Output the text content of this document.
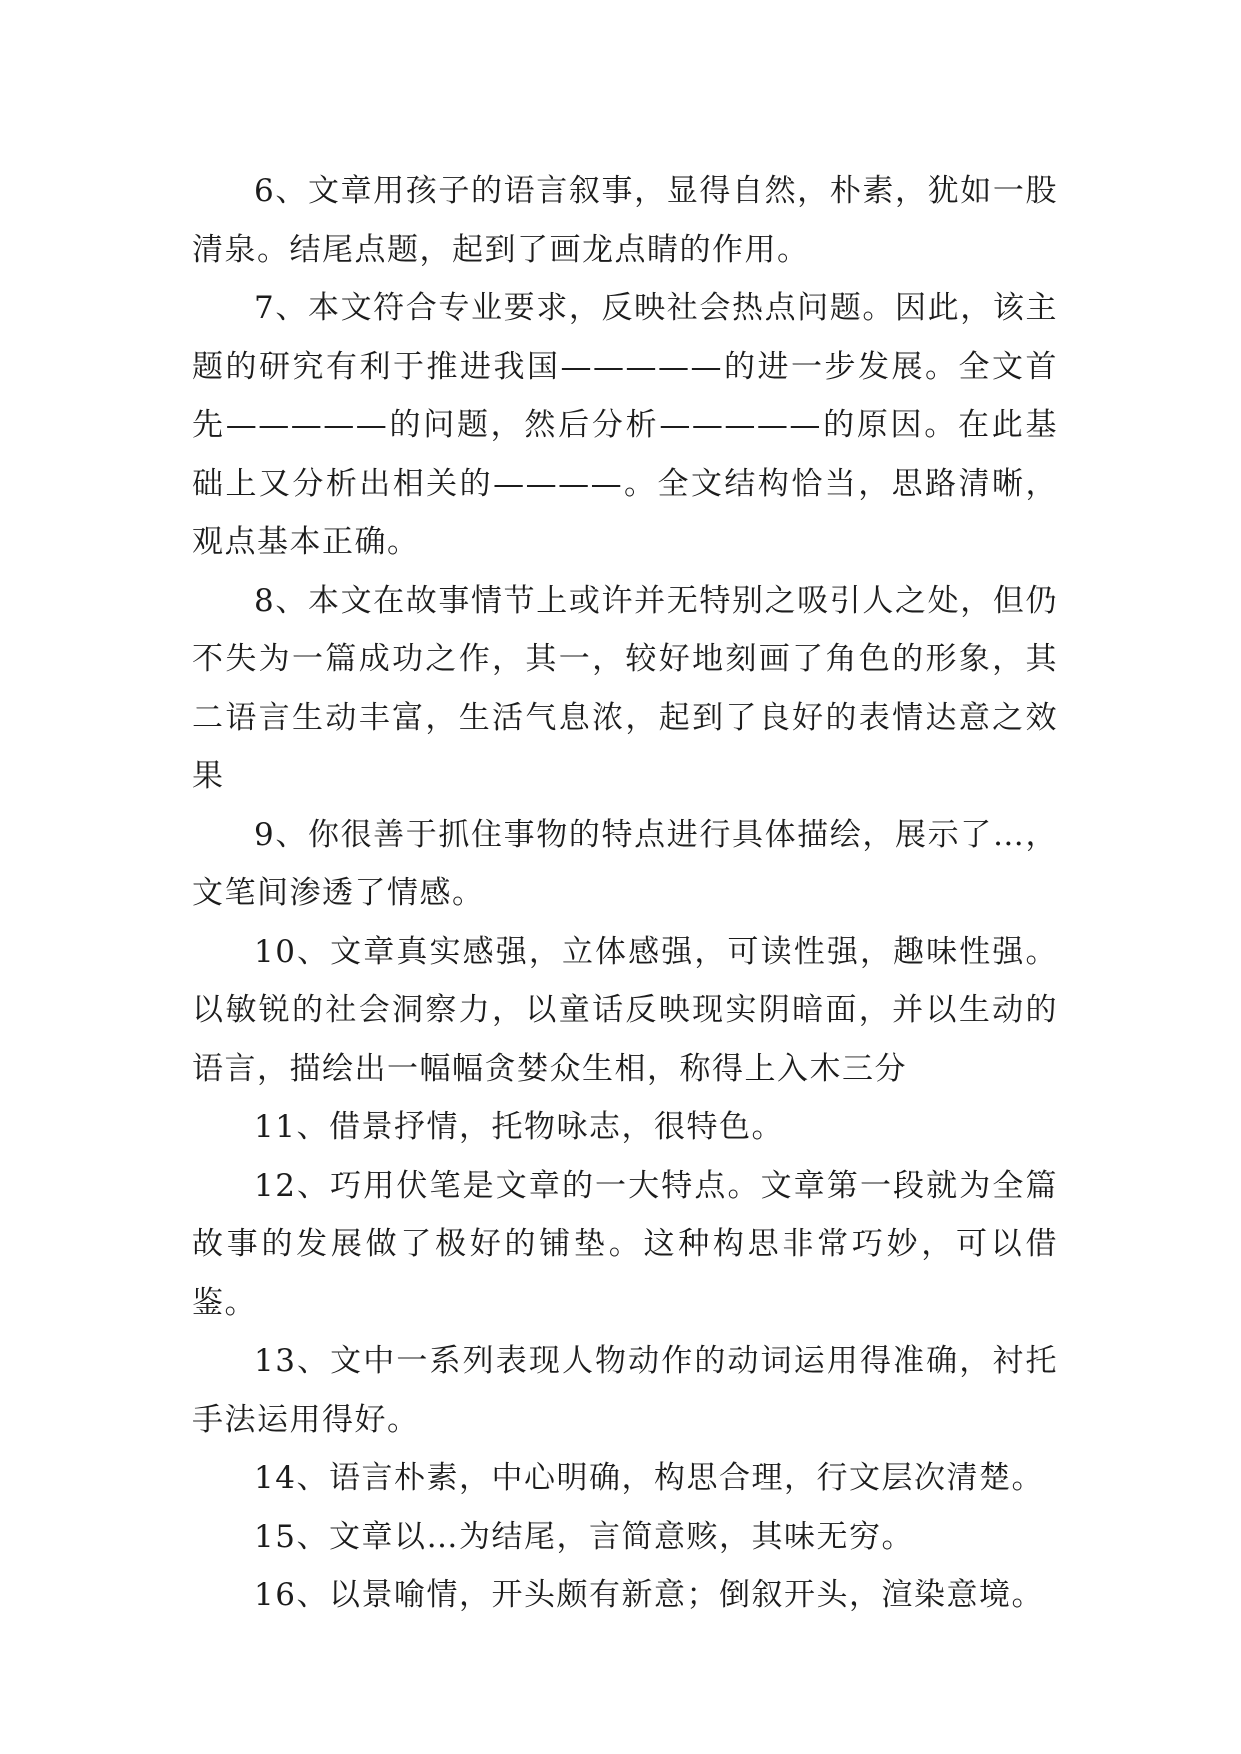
6、文章用孩子的语言叙事，显得自然，朴素，犹如一股清泉。结尾点题，起到了画龙点睛的作用。

7、本文符合专业要求，反映社会热点问题。因此，该主题的研究有利于推进我国—————的进一步发展。全文首先—————的问题，然后分析—————的原因。在此基础上又分析出相关的————。全文结构恰当，思路清晰，观点基本正确。

8、本文在故事情节上或许并无特别之吸引人之处，但仍不失为一篇成功之作，其一，较好地刻画了角色的形象，其二语言生动丰富，生活气息浓，起到了良好的表情达意之效果

9、你很善于抓住事物的特点进行具体描绘，展示了…，文笔间渗透了情感。

10、文章真实感强，立体感强，可读性强，趣味性强。以敏锐的社会洞察力，以童话反映现实阴暗面，并以生动的语言，描绘出一幅幅贪婪众生相，称得上入木三分

11、借景抒情，托物咏志，很特色。

12、巧用伏笔是文章的一大特点。文章第一段就为全篇故事的发展做了极好的铺垫。这种构思非常巧妙，可以借鉴。

13、文中一系列表现人物动作的动词运用得准确，衬托手法运用得好。

14、语言朴素，中心明确，构思合理，行文层次清楚。

15、文章以…为结尾，言简意赅，其味无穷。

16、以景喻情，开头颇有新意；倒叙开头，渲染意境。
